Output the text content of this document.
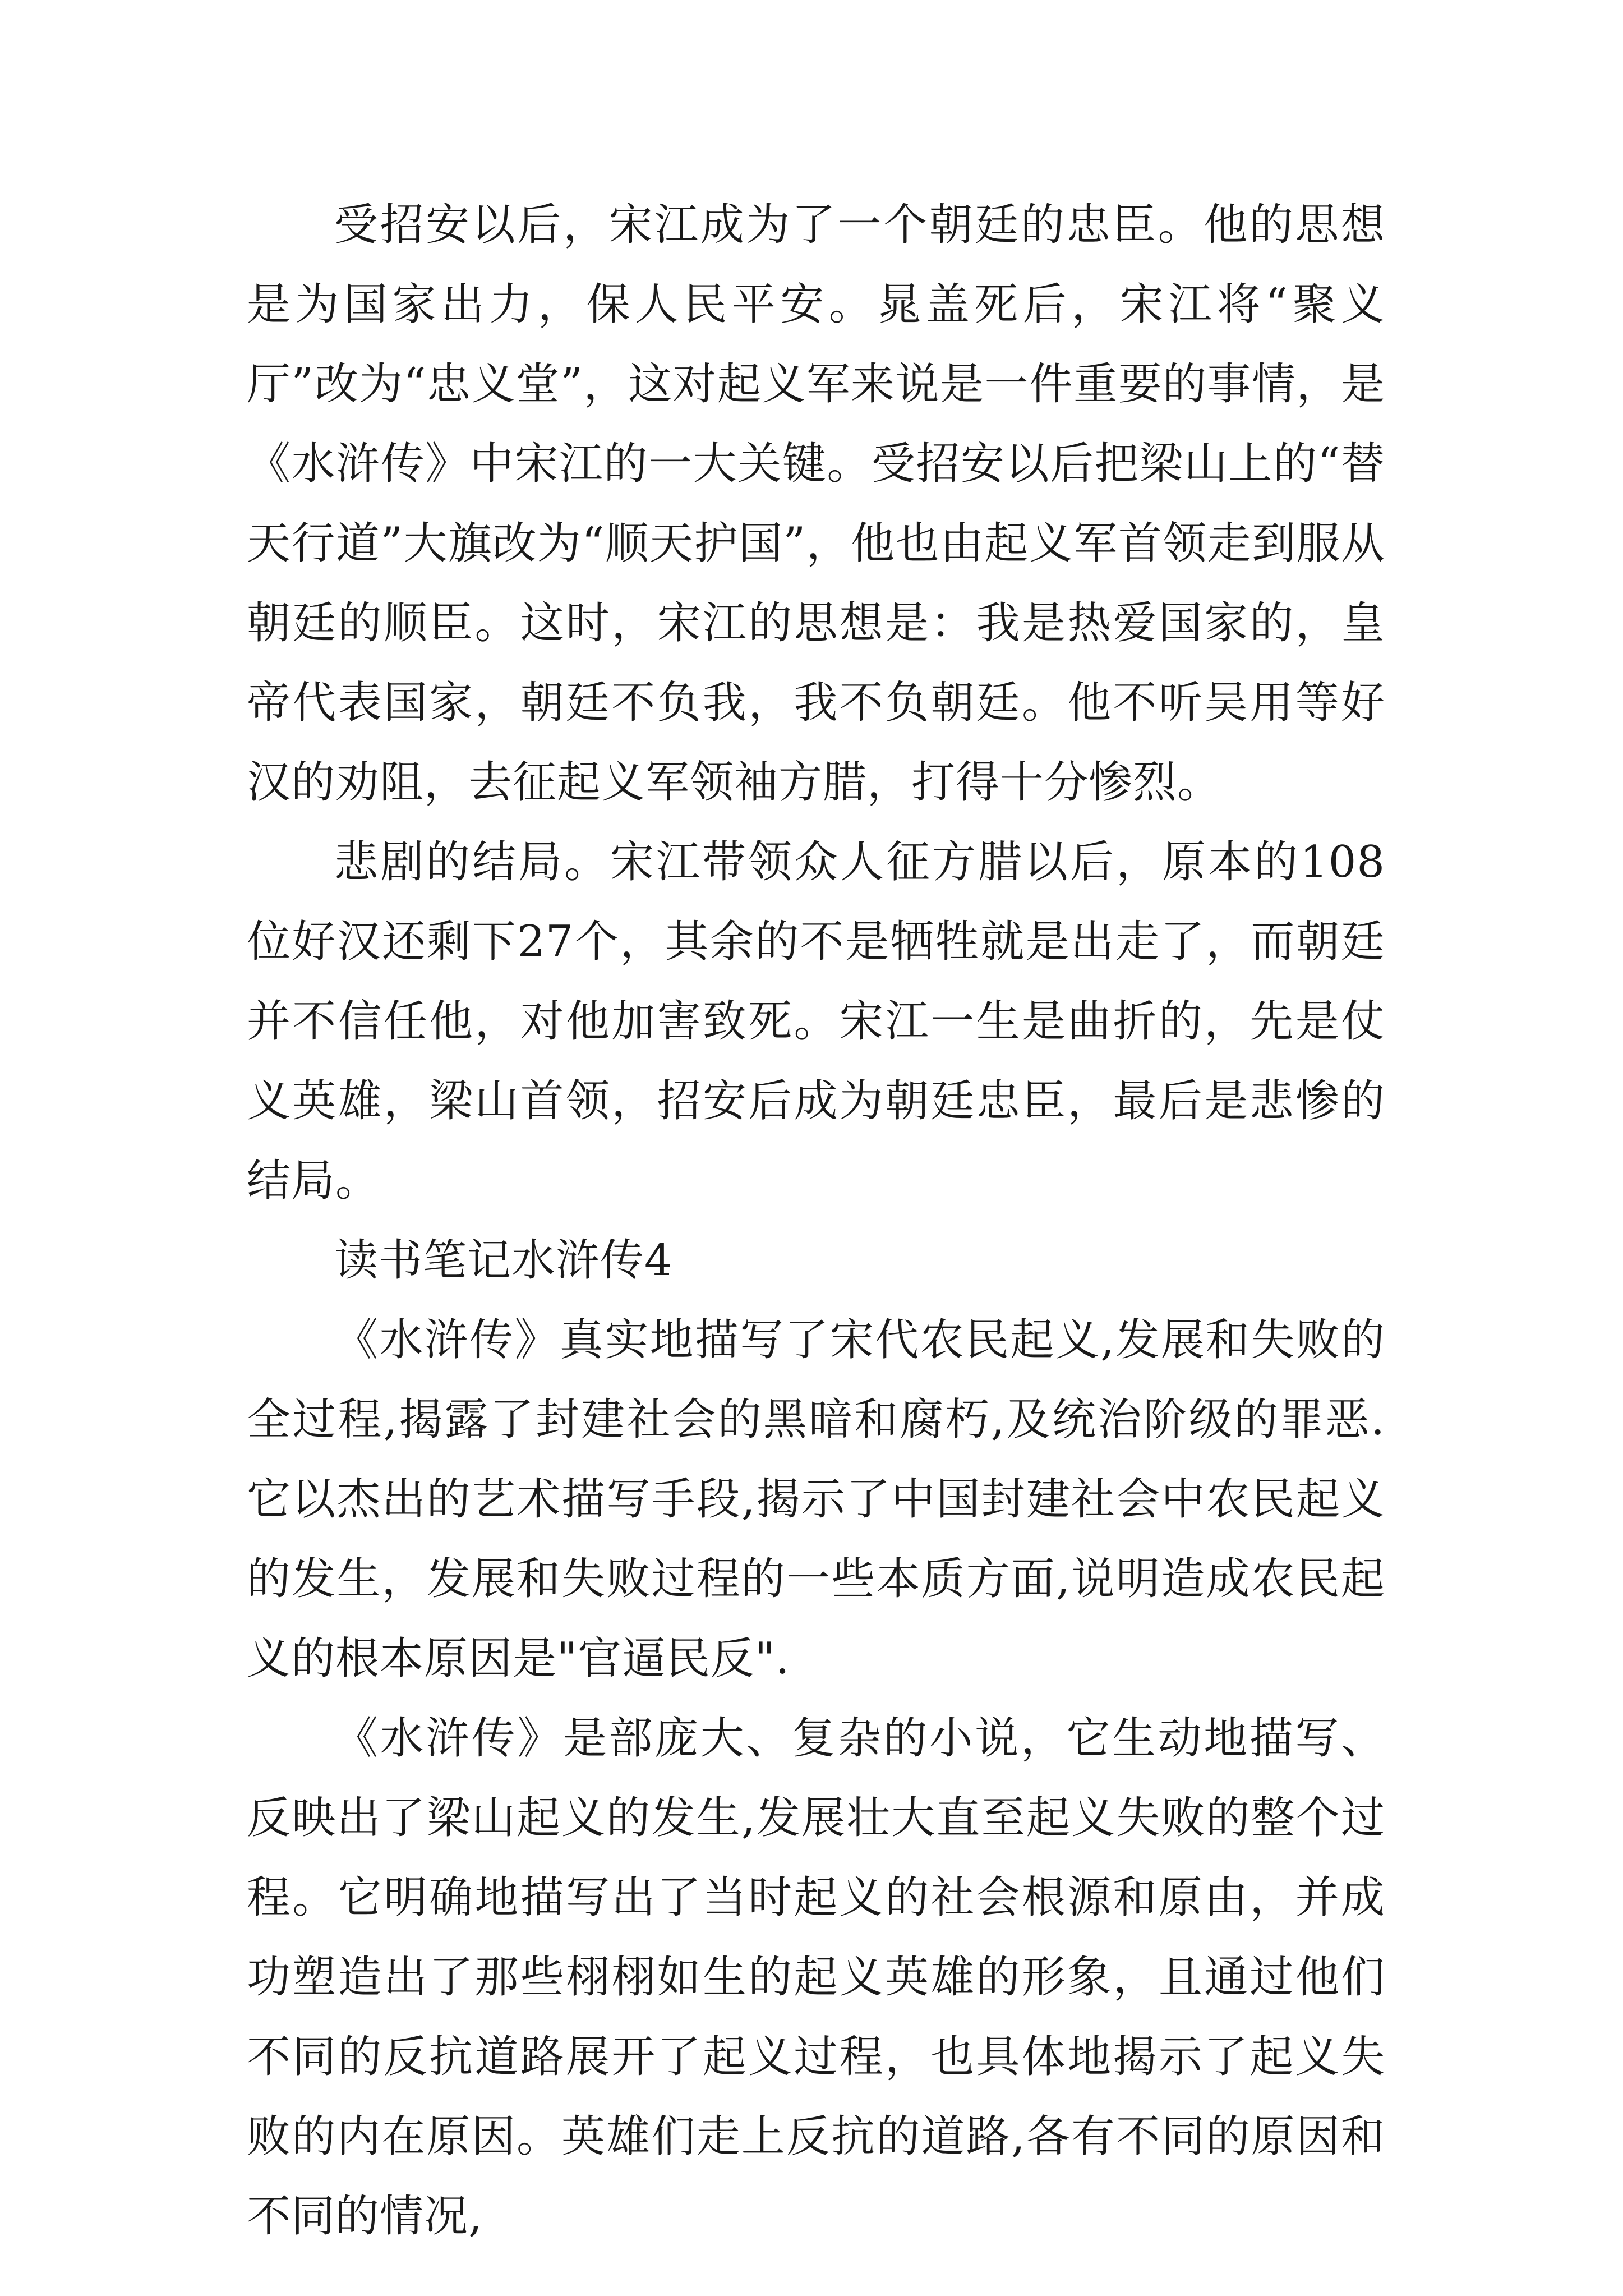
受招安以后，宋江成为了一个朝廷的忠臣。他的思想是为国家出力，保人民平安。晁盖死后，宋江将“聚义厅”改为“忠义堂”，这对起义军来说是一件重要的事情，是《水浒传》中宋江的一大关键。受招安以后把梁山上的“替天行道”大旗改为“顺天护国”，他也由起义军首领走到服从朝廷的顺臣。这时，宋江的思想是：我是热爱国家的，皇帝代表国家，朝廷不负我，我不负朝廷。他不听吴用等好汉的劝阻，去征起义军领袖方腊，打得十分惨烈。

悲剧的结局。宋江带领众人征方腊以后，原本的108位好汉还剩下27个，其余的不是牺牲就是出走了，而朝廷并不信任他，对他加害致死。宋江一生是曲折的，先是仗义英雄，梁山首领，招安后成为朝廷忠臣，最后是悲惨的结局。

读书笔记水浒传4

《水浒传》真实地描写了宋代农民起义,发展和失败的全过程,揭露了封建社会的黑暗和腐朽,及统治阶级的罪恶.它以杰出的艺术描写手段,揭示了中国封建社会中农民起义的发生，发展和失败过程的一些本质方面,说明造成农民起义的根本原因是"官逼民反".

《水浒传》是部庞大、复杂的小说，它生动地描写、反映出了梁山起义的发生,发展壮大直至起义失败的整个过程。它明确地描写出了当时起义的社会根源和原由，并成功塑造出了那些栩栩如生的起义英雄的形象，且通过他们不同的反抗道路展开了起义过程，也具体地揭示了起义失败的内在原因。英雄们走上反抗的道路,各有不同的原因和不同的情况,
